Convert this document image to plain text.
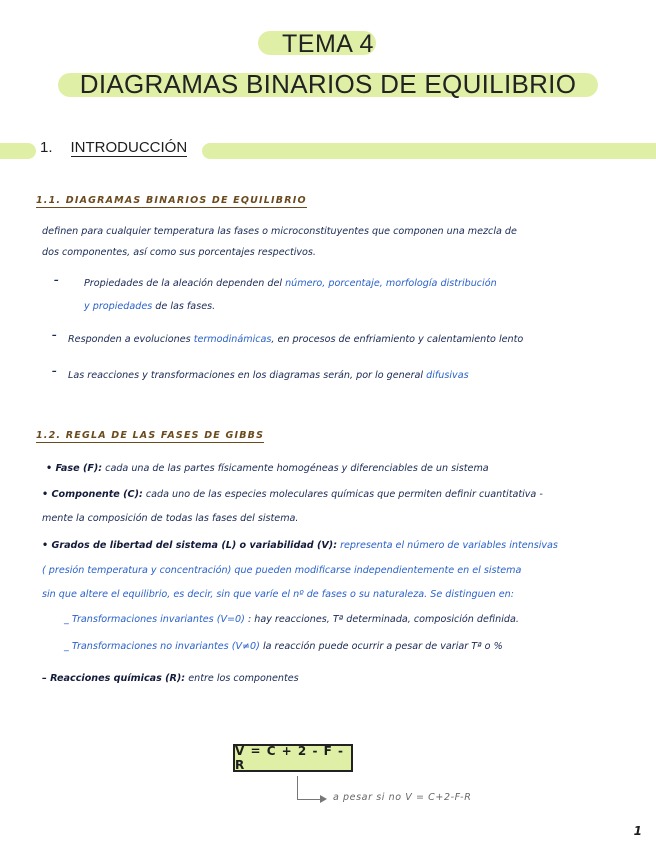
TEMA 4
DIAGRAMAS BINARIOS DE EQUILIBRIO
1. INTRODUCCIÓN
1.1. DIAGRAMAS BINARIOS DE EQUILIBRIO
definen para cualquier temperatura las fases o microconstituyentes que componen una mezcla de
dos componentes, así como sus porcentajes respectivos.
–	Propiedades de la aleación dependen del número, porcentaje, morfología distribución
y propiedades de las fases.
– Responden a evoluciones termodinámicas, en procesos de enfriamiento y calentamiento lento
– Las reacciones y transformaciones en los diagramas serán, por lo general difusivas
1.2. REGLA DE LAS FASES DE GIBBS
• Fase (F): cada una de las partes físicamente homogéneas y diferenciables de un sistema
• Componente (C): cada uno de las especies moleculares químicas que permiten definir cuantitativa -
mente la composición de todas las fases del sistema.
• Grados de libertad del sistema (L) o variabilidad (V): representa el número de variables intensivas
( presión temperatura y concentración) que pueden modificarse independientemente en el sistema
sin que altere el equilibrio, es decir, sin que varíe el nº de fases o su naturaleza. Se distinguen en:
_ Transformaciones invariantes (V=0) : hay reacciones, Tª determinada, composición definida.
_ Transformaciones no invariantes (V≠0) la reacción puede ocurrir a pesar de variar Tª o %
– Reacciones químicas (R): entre los componentes
V = C + 2 - F - R
a pesar si no V = C+2-F-R
1
